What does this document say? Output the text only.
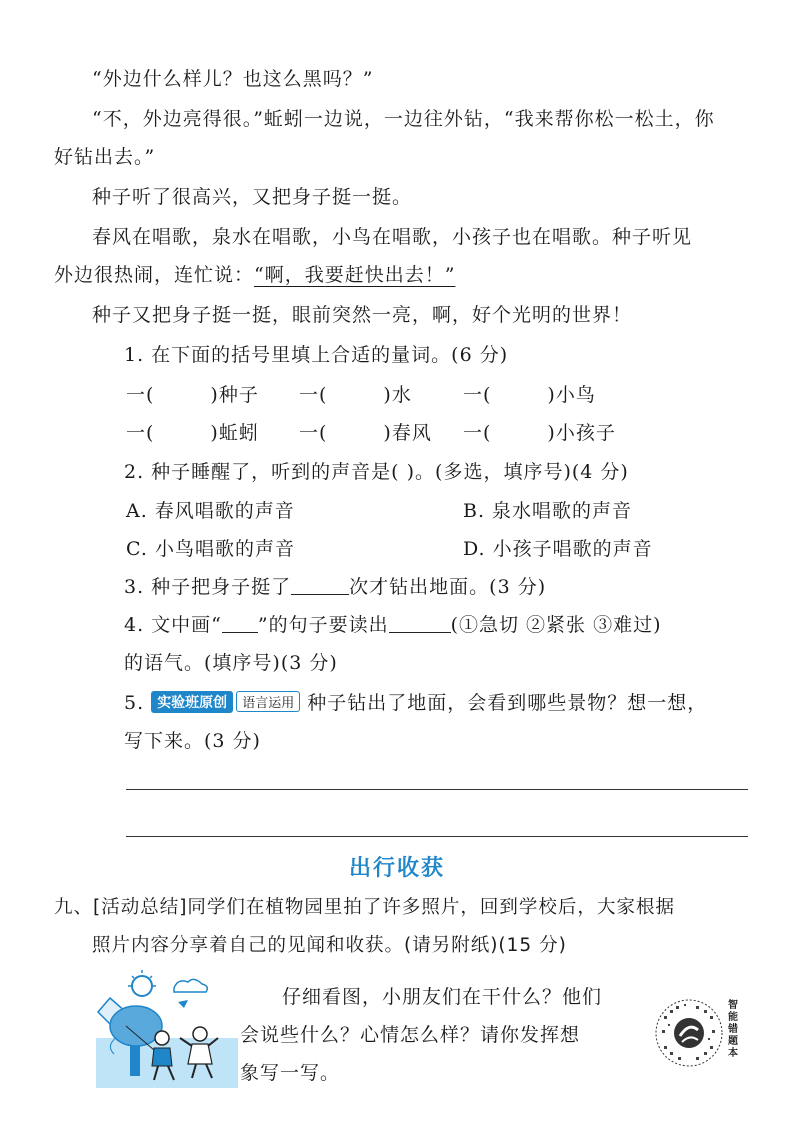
“外边什么样儿？也这么黑吗？”
“不，外边亮得很。”蚯蚓一边说，一边往外钻，“我来帮你松一松土，你
好钻出去。”
种子听了很高兴，又把身子挺一挺。
春风在唱歌，泉水在唱歌，小鸟在唱歌，小孩子也在唱歌。种子听见
外边很热闹，连忙说：“啊，我要赶快出去！”
种子又把身子挺一挺，眼前突然一亮，啊，好个光明的世界！
1. 在下面的括号里填上合适的量词。(6 分)
一(	)种子 一(	)水	一(	)小鸟
一(	)蚯蚓 一(	)春风 一(	)小孩子
2. 种子睡醒了，听到的声音是( )。(多选，填序号)(4 分)
A. 春风唱歌的声音	B. 泉水唱歌的声音
C. 小鸟唱歌的声音	D. 小孩子唱歌的声音
3. 种子把身子挺了	次才钻出地面。(3 分)
4. 文中画“ ”的句子要读出	(①急切 ②紧张 ③难过)
的语气。(填序号)(3 分)
5. 实验班原创 语言运用 种子钻出了地面，会看到哪些景物？想一想，
写下来。(3 分)
出行收获
九、[活动总结]同学们在植物园里拍了许多照片，回到学校后，大家根据
照片内容分享着自己的见闻和收获。(请另附纸)(15 分)
仔细看图，小朋友们在干什么？他们
会说些什么？心情怎么样？请你发挥想
象写一写。
智能错题本
